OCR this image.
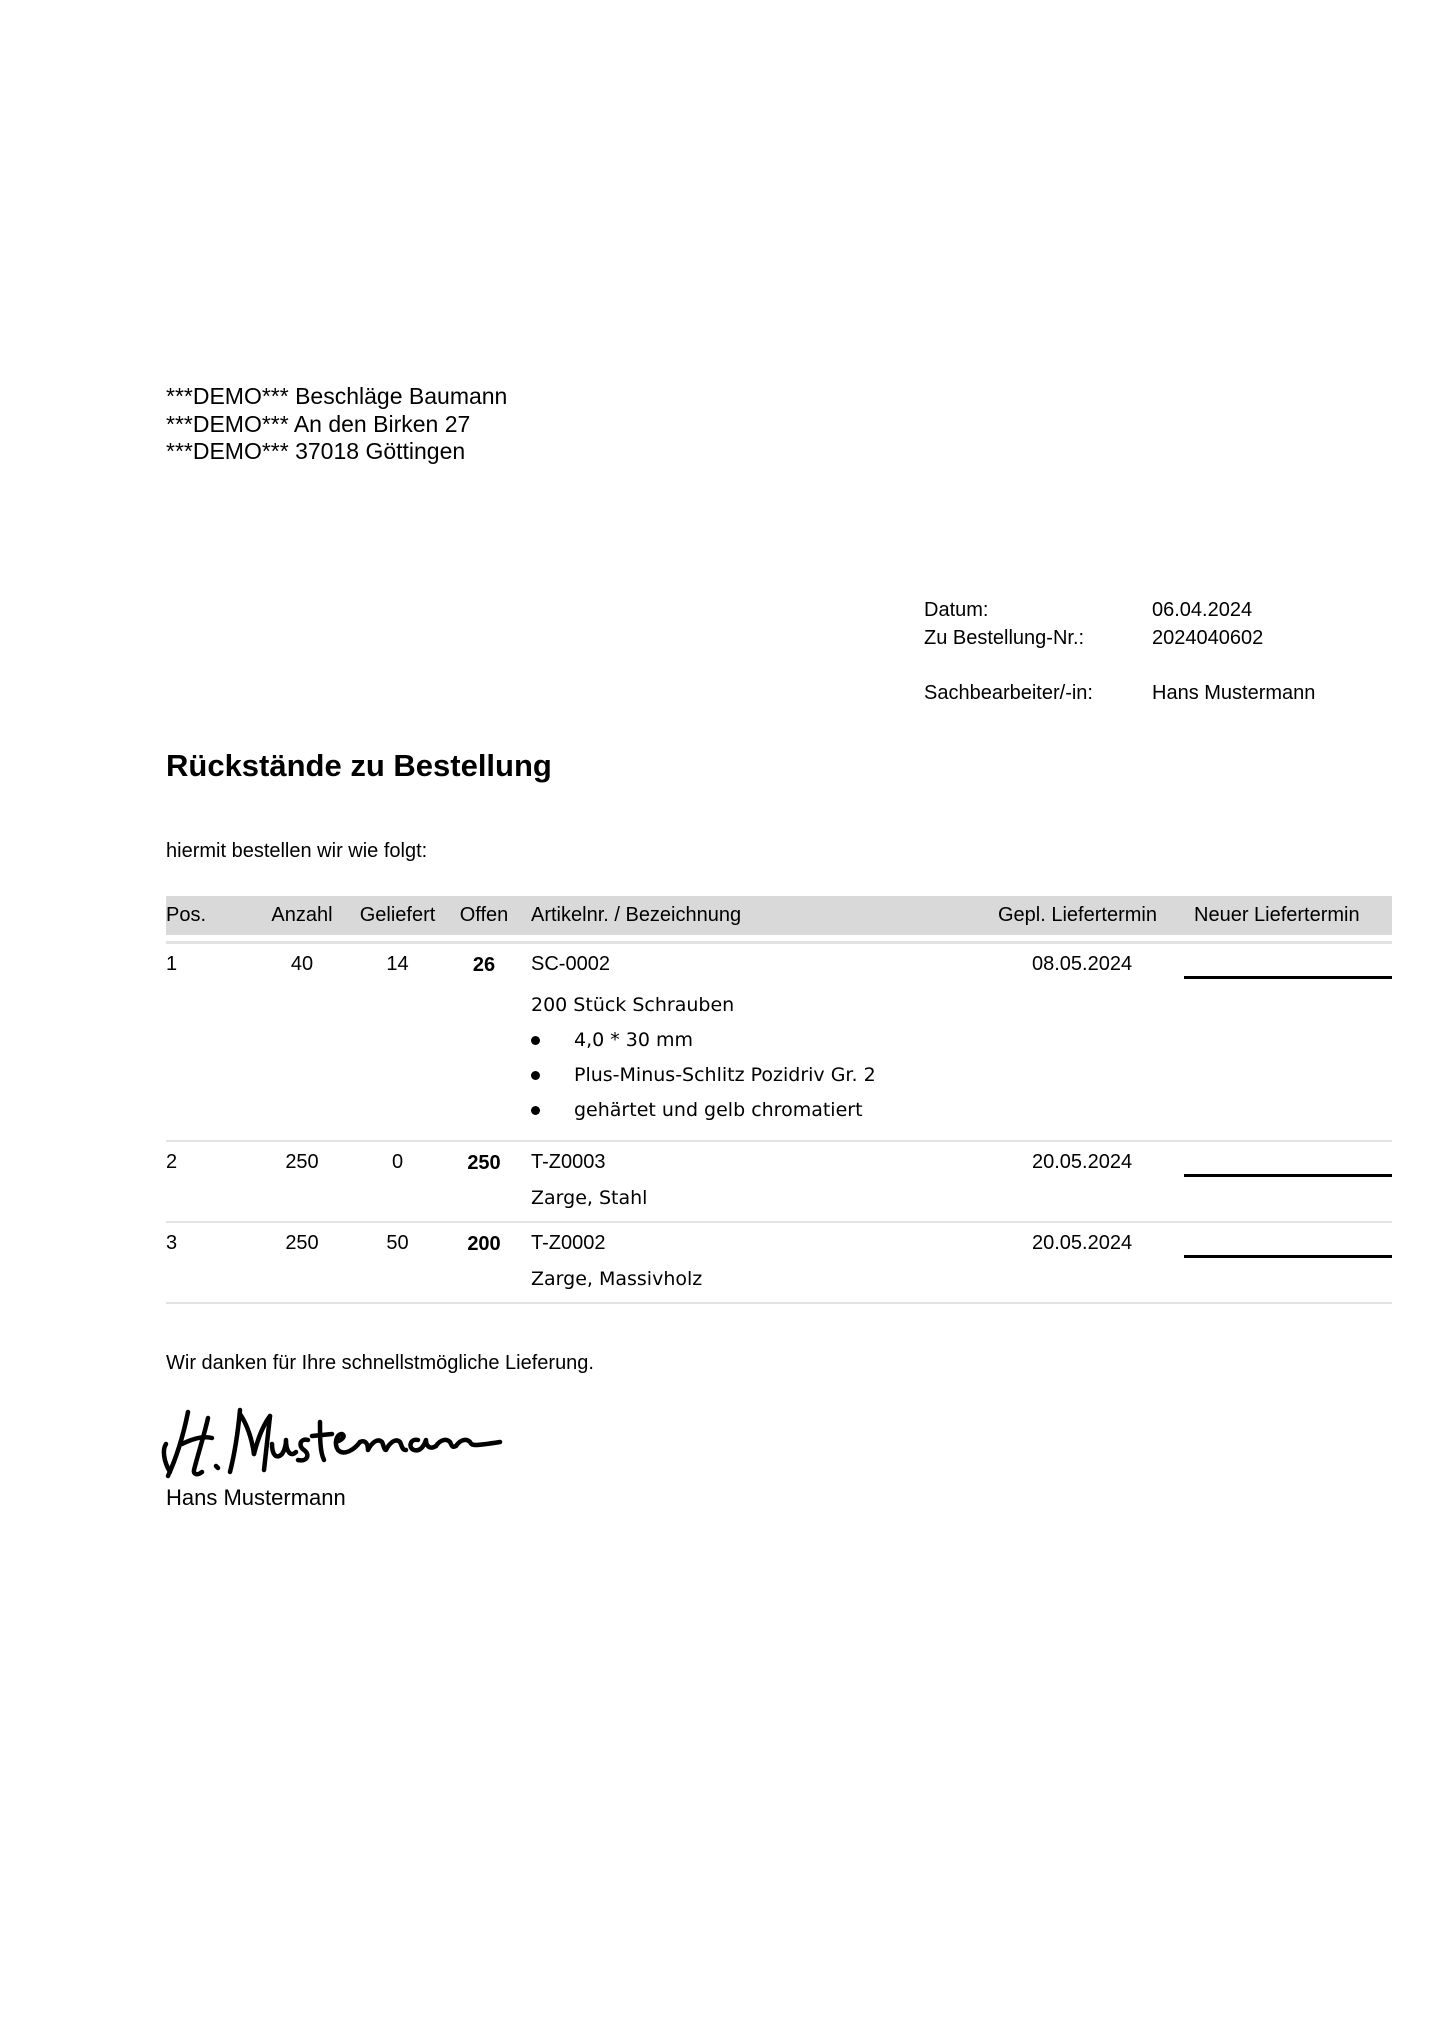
***DEMO*** Beschläge Baumann
***DEMO*** An den Birken 27
***DEMO*** 37018 Göttingen
Datum:	06.04.2024
Zu Bestellung-Nr.:	2024040602
Sachbearbeiter/-in:	Hans Mustermann
Rückstände zu Bestellung
hiermit bestellen wir wie folgt:
Pos.	Anzahl	Geliefert	Offen	Artikelnr. / Bezeichnung	Gepl. Liefertermin Neuer Liefertermin
1	40	14	26	SC-0002	08.05.2024
200 Stück Schrauben
4,0 * 30 mm
Plus-Minus-Schlitz Pozidriv Gr. 2
gehärtet und gelb chromatiert
2	250	0	250	T-Z0003	20.05.2024
Zarge, Stahl
3	250	50	200	T-Z0002	20.05.2024
Zarge, Massivholz
Wir danken für Ihre schnellstmögliche Lieferung.
Hans Mustermann
